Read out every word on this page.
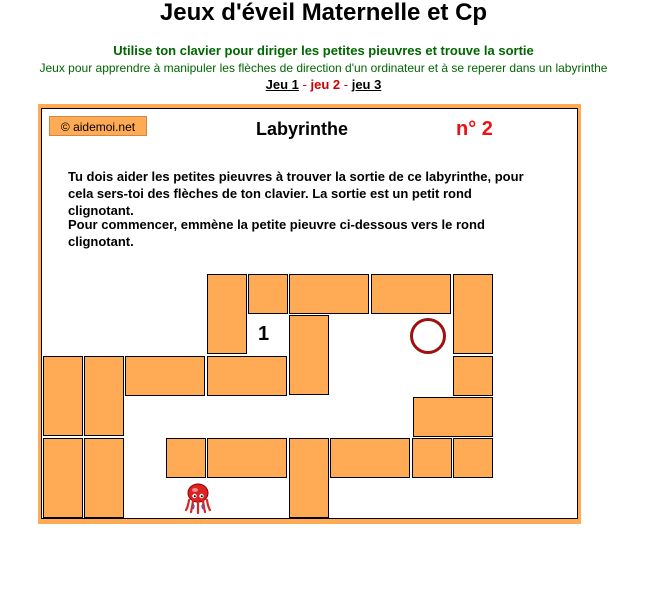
Jeux d'éveil Maternelle et Cp
Utilise ton clavier pour diriger les petites pieuvres et trouve la sortie
Jeux pour apprendre à manipuler les flèches de direction d'un ordinateur et à se reperer dans un labyrinthe
Jeu 1 - jeu 2 - jeu 3
© aidemoi.net	Labyrinthe	n° 2
Tu dois aider les petites pieuvres à trouver la sortie de ce labyrinthe, pour cela sers-toi des flèches de ton clavier. La sortie est un petit rond clignotant.
Pour commencer, emmène la petite pieuvre ci-dessous vers le rond clignotant.
1
